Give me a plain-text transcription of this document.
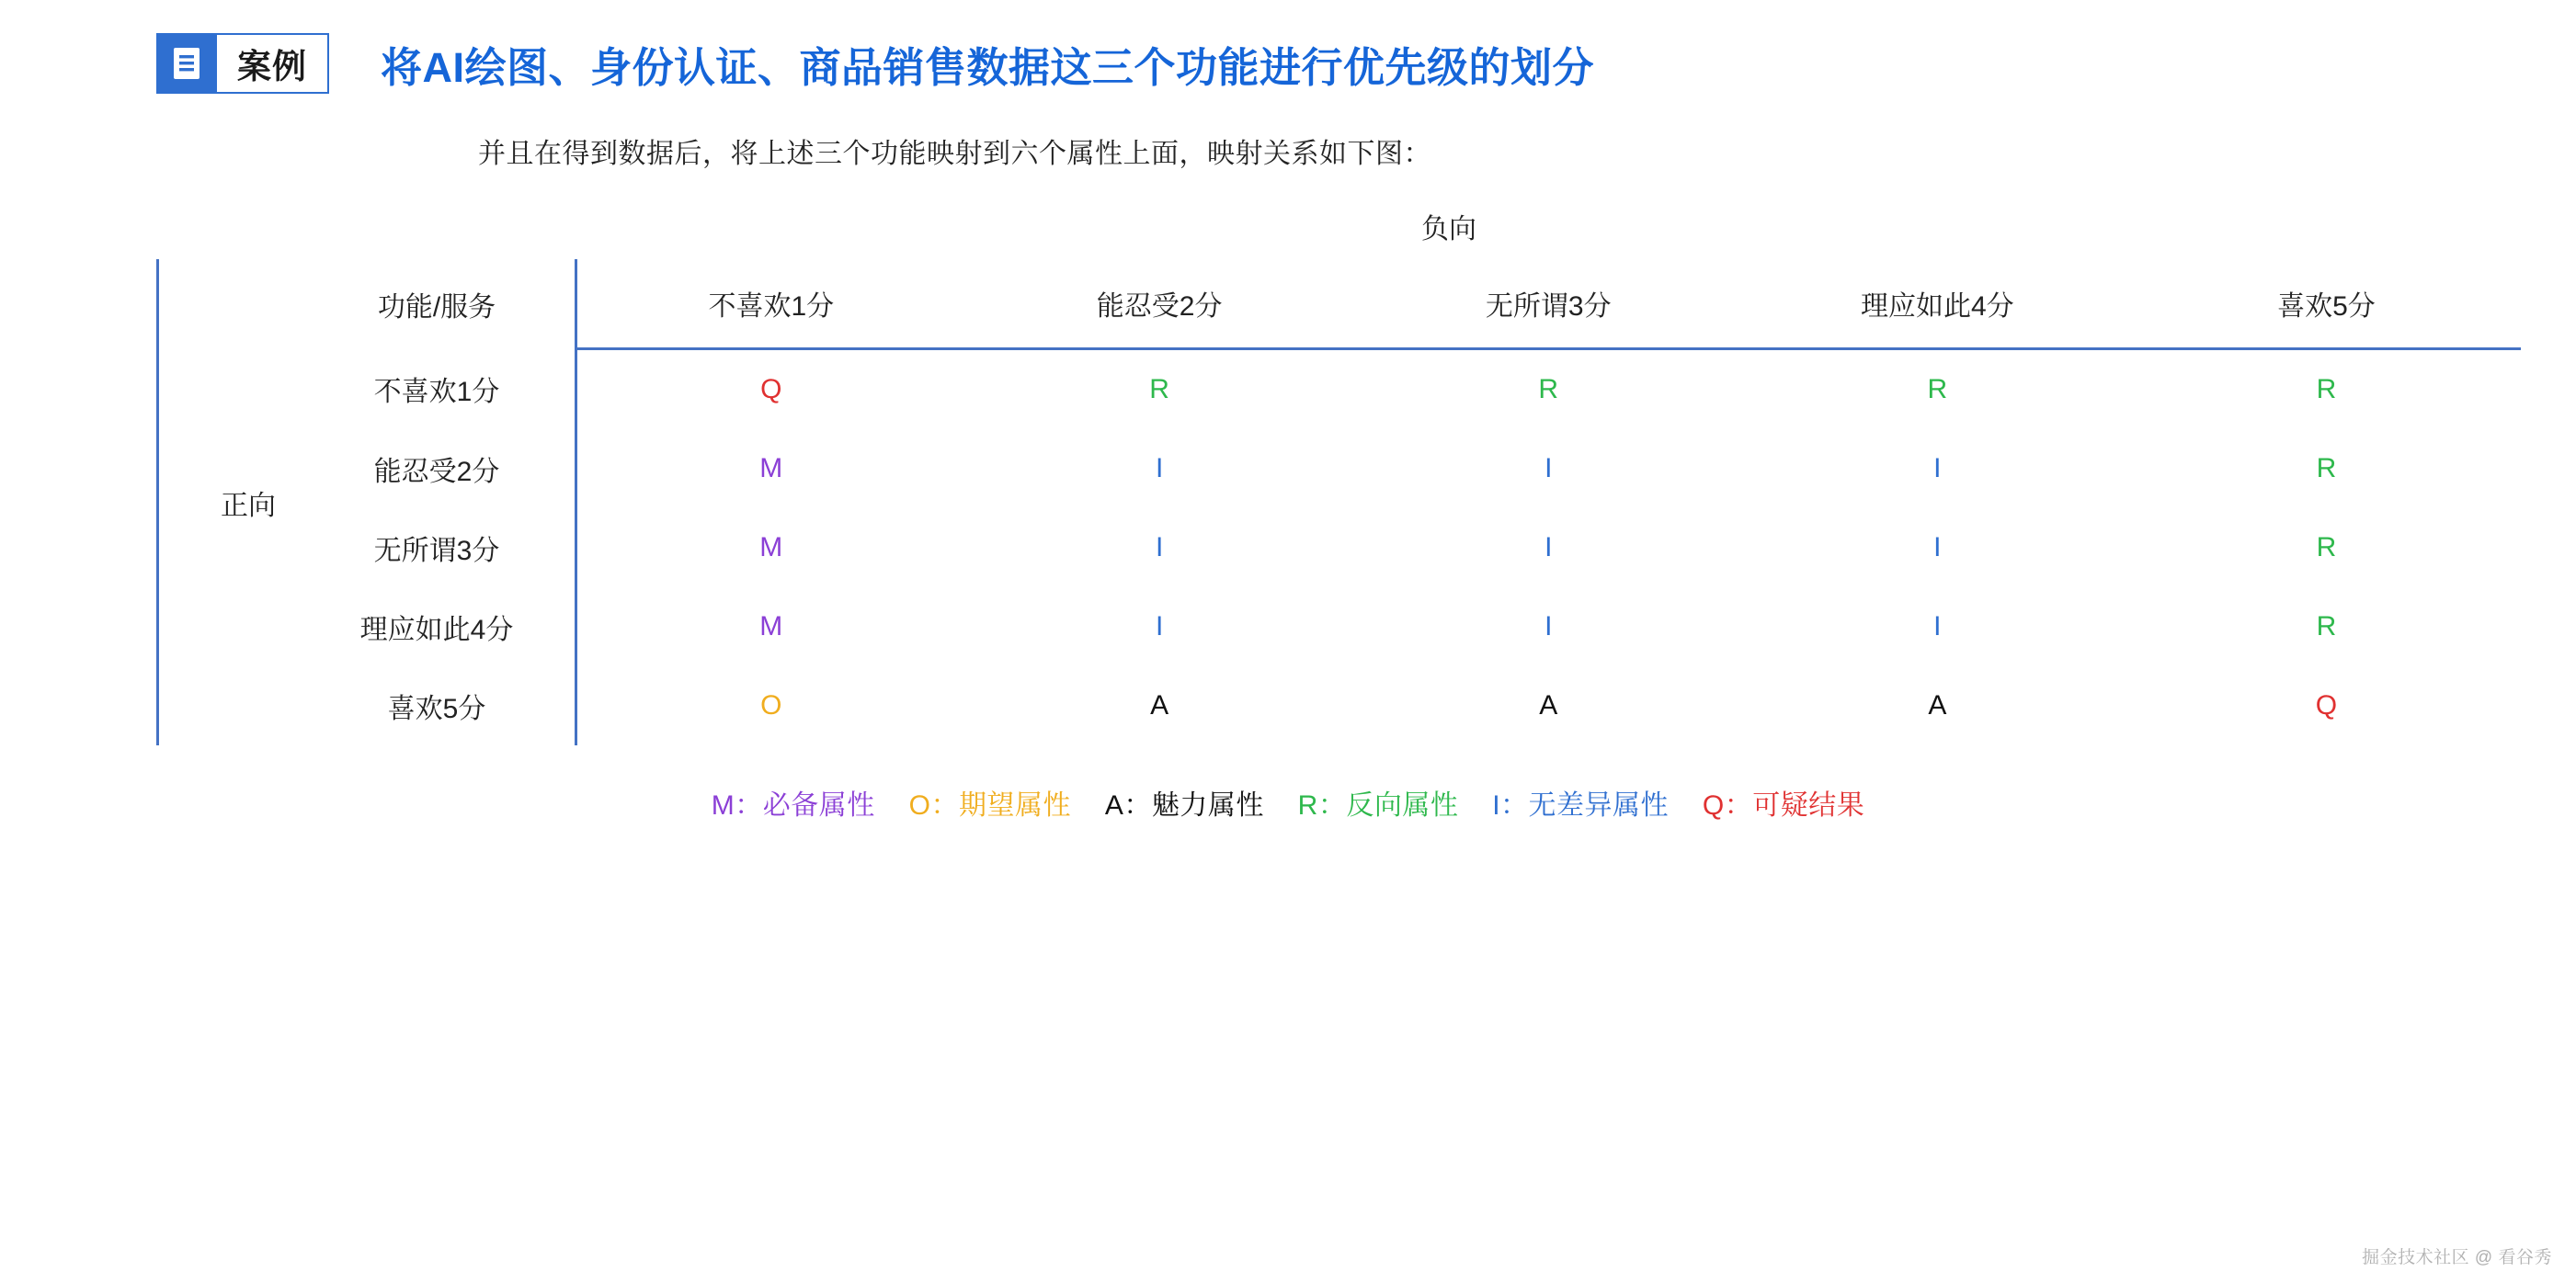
案例	将AI绘图、身份认证、商品销售数据这三个功能进行优先级的划分
并且在得到数据后，将上述三个功能映射到六个属性上面，映射关系如下图：
负向
正向
功能/服务	不喜欢1分	能忍受2分	无所谓3分	理应如此4分	喜欢5分
不喜欢1分	Q	R	R	R	R
能忍受2分	M	I	I	I	R
无所谓3分	M	I	I	I	R
理应如此4分	M	I	I	I	R
喜欢5分	O	A	A	A	Q
M：必备属性 O：期望属性 A：魅力属性 R：反向属性 I：无差异属性 Q：可疑结果
掘金技术社区 @ 看谷秀
